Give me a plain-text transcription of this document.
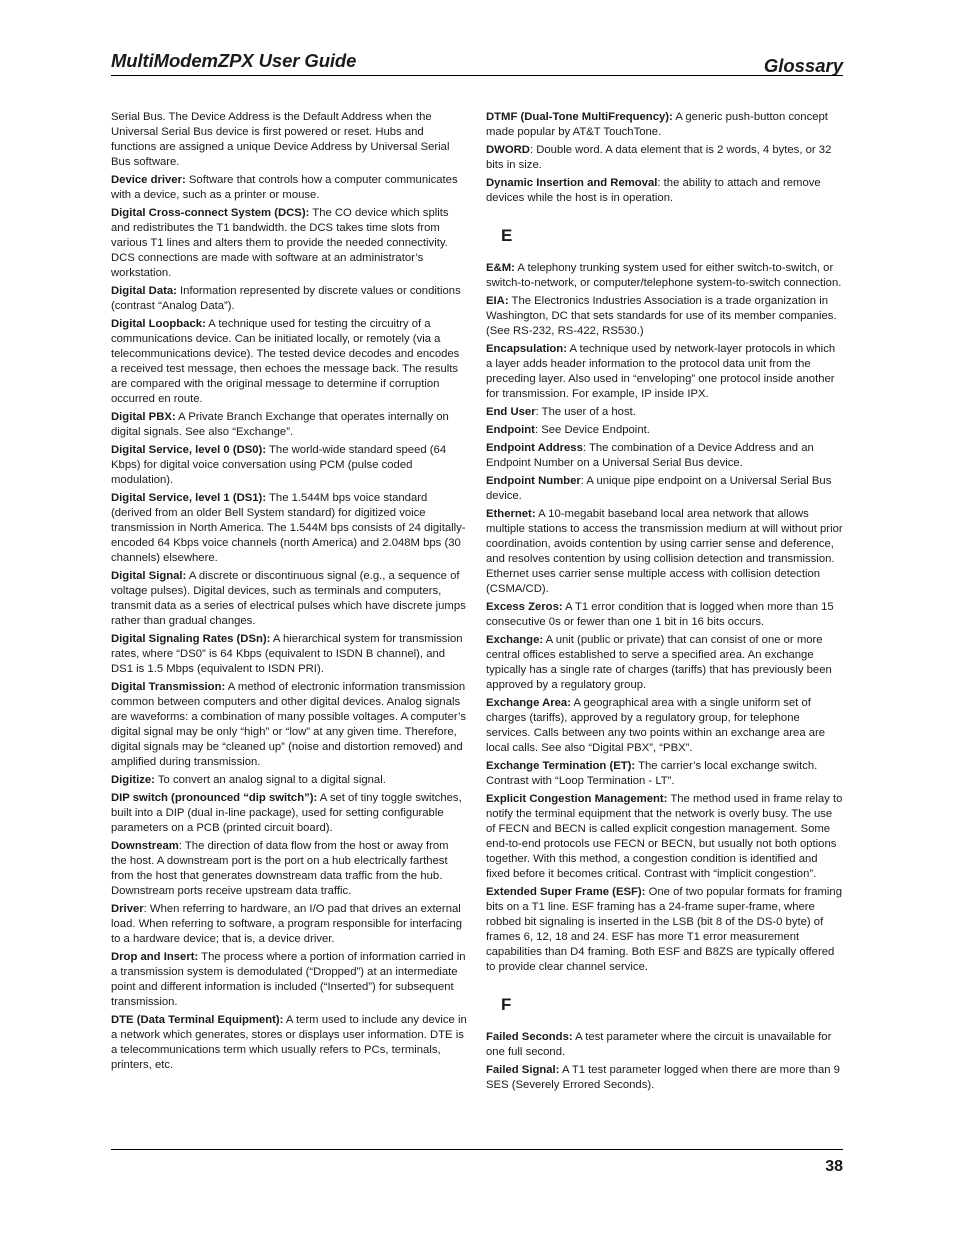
MultiModemZPX User Guide	Glossary
Serial Bus. The Device Address is the Default Address when the Universal Serial Bus device is first powered or reset. Hubs and functions are assigned a unique Device Address by Universal Serial Bus software.
Device driver: Software that controls how a computer communicates with a device, such as a printer or mouse.
Digital Cross-connect System (DCS): The CO device which splits and redistributes the T1 bandwidth. the DCS takes time slots from various T1 lines and alters them to provide the needed connectivity. DCS connections are made with software at an administrator’s workstation.
Digital Data: Information represented by discrete values or conditions (contrast “Analog Data”).
Digital Loopback: A technique used for testing the circuitry of a communications device. Can be initiated locally, or remotely (via a telecommunications device). The tested device decodes and encodes a received test message, then echoes the message back. The results are compared with the original message to determine if corruption occurred en route.
Digital PBX: A Private Branch Exchange that operates internally on digital signals. See also “Exchange”.
Digital Service, level 0 (DS0): The world-wide standard speed (64 Kbps) for digital voice conversation using PCM (pulse coded modulation).
Digital Service, level 1 (DS1): The 1.544M bps voice standard (derived from an older Bell System standard) for digitized voice transmission in North America. The 1.544M bps consists of 24 digitally-encoded 64 Kbps voice channels (north America) and 2.048M bps (30 channels) elsewhere.
Digital Signal: A discrete or discontinuous signal (e.g., a sequence of voltage pulses). Digital devices, such as terminals and computers, transmit data as a series of electrical pulses which have discrete jumps rather than gradual changes.
Digital Signaling Rates (DSn): A hierarchical system for transmission rates, where “DS0” is 64 Kbps (equivalent to ISDN B channel), and DS1 is 1.5 Mbps (equivalent to ISDN PRI).
Digital Transmission: A method of electronic information transmission common between computers and other digital devices. Analog signals are waveforms: a combination of many possible voltages. A computer’s digital signal may be only “high” or “low” at any given time. Therefore, digital signals may be “cleaned up” (noise and distortion removed) and amplified during transmission.
Digitize: To convert an analog signal to a digital signal.
DIP switch (pronounced “dip switch”): A set of tiny toggle switches, built into a DIP (dual in-line package), used for setting configurable parameters on a PCB (printed circuit board).
Downstream: The direction of data flow from the host or away from the host. A downstream port is the port on a hub electrically farthest from the host that generates downstream data traffic from the hub. Downstream ports receive upstream data traffic.
Driver: When referring to hardware, an I/O pad that drives an external load. When referring to software, a program responsible for interfacing to a hardware device; that is, a device driver.
Drop and Insert: The process where a portion of information carried in a transmission system is demodulated (“Dropped”) at an intermediate point and different information is included (“Inserted”) for subsequent transmission.
DTE (Data Terminal Equipment): A term used to include any device in a network which generates, stores or displays user information. DTE is a telecommunications term which usually refers to PCs, terminals, printers, etc.
DTMF (Dual-Tone MultiFrequency): A generic push-button concept made popular by AT&T TouchTone.
DWORD: Double word. A data element that is 2 words, 4 bytes, or 32 bits in size.
Dynamic Insertion and Removal: the ability to attach and remove devices while the host is in operation.
E
E&M: A telephony trunking system used for either switch-to-switch, or switch-to-network, or computer/telephone system-to-switch connection.
EIA: The Electronics Industries Association is a trade organization in Washington, DC that sets standards for use of its member companies. (See RS-232, RS-422, RS530.)
Encapsulation: A technique used by network-layer protocols in which a layer adds header information to the protocol data unit from the preceding layer. Also used in “enveloping” one protocol inside another for transmission. For example, IP inside IPX.
End User: The user of a host.
Endpoint: See Device Endpoint.
Endpoint Address: The combination of a Device Address and an Endpoint Number on a Universal Serial Bus device.
Endpoint Number: A unique pipe endpoint on a Universal Serial Bus device.
Ethernet: A 10-megabit baseband local area network that allows multiple stations to access the transmission medium at will without prior coordination, avoids contention by using carrier sense and deference, and resolves contention by using collision detection and transmission. Ethernet uses carrier sense multiple access with collision detection (CSMA/CD).
Excess Zeros: A T1 error condition that is logged when more than 15 consecutive 0s or fewer than one 1 bit in 16 bits occurs.
Exchange: A unit (public or private) that can consist of one or more central offices established to serve a specified area. An exchange typically has a single rate of charges (tariffs) that has previously been approved by a regulatory group.
Exchange Area: A geographical area with a single uniform set of charges (tariffs), approved by a regulatory group, for telephone services. Calls between any two points within an exchange area are local calls. See also “Digital PBX”, “PBX”.
Exchange Termination (ET): The carrier’s local exchange switch. Contrast with “Loop Termination - LT”.
Explicit Congestion Management: The method used in frame relay to notify the terminal equipment that the network is overly busy. The use of FECN and BECN is called explicit congestion management. Some end-to-end protocols use FECN or BECN, but usually not both options together. With this method, a congestion condition is identified and fixed before it becomes critical. Contrast with “implicit congestion”.
Extended Super Frame (ESF): One of two popular formats for framing bits on a T1 line. ESF framing has a 24-frame super-frame, where robbed bit signaling is inserted in the LSB (bit 8 of the DS-0 byte) of frames 6, 12, 18 and 24. ESF has more T1 error measurement capabilities than D4 framing. Both ESF and B8ZS are typically offered to provide clear channel service.
F
Failed Seconds: A test parameter where the circuit is unavailable for one full second.
Failed Signal: A T1 test parameter logged when there are more than 9 SES (Severely Errored Seconds).
38
